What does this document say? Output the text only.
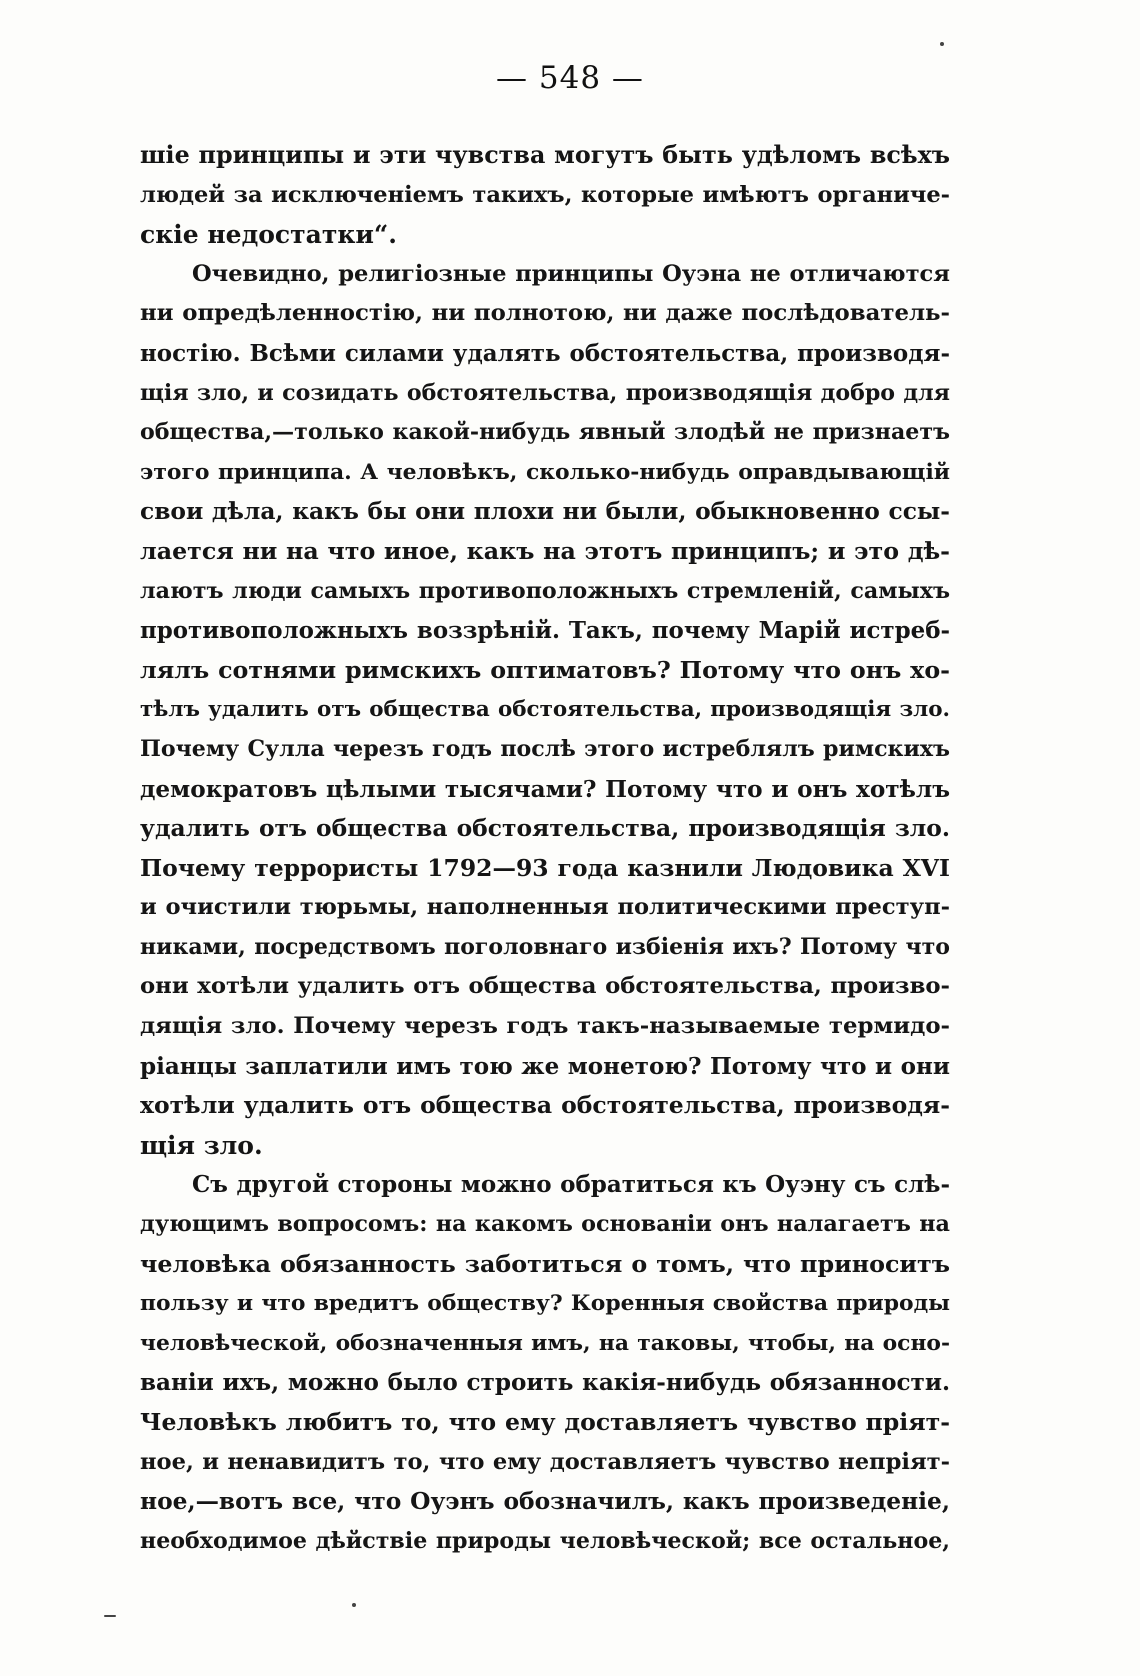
— 548 —
шіе принципы и эти чувства могутъ быть удѣломъ всѣхъ
людей за исключеніемъ такихъ, которые имѣютъ органиче-
скіе недостатки“.
Очевидно, религіозные принципы Оуэна не отличаются
ни опредѣленностію, ни полнотою, ни даже послѣдователь-
ностію. Всѣми силами удалять обстоятельства, производя-
щія зло, и созидать обстоятельства, производящія добро для
общества,—только какой-нибудь явный злодѣй не признаетъ
этого принципа. А человѣкъ, сколько-нибудь оправдывающій
свои дѣла, какъ бы они плохи ни были, обыкновенно ссы-
лается ни на что иное, какъ на этотъ принципъ; и это дѣ-
лаютъ люди самыхъ противоположныхъ стремленій, самыхъ
противоположныхъ воззрѣній. Такъ, почему Марій истреб-
лялъ сотнями римскихъ оптиматовъ? Потому что онъ хо-
тѣлъ удалить отъ общества обстоятельства, производящія зло.
Почему Сулла черезъ годъ послѣ этого истреблялъ римскихъ
демократовъ цѣлыми тысячами? Потому что и онъ хотѣлъ
удалить отъ общества обстоятельства, производящія зло.
Почему террористы 1792—93 года казнили Людовика XVI
и очистили тюрьмы, наполненныя политическими преступ-
никами, посредствомъ поголовнаго избіенія ихъ? Потому что
они хотѣли удалить отъ общества обстоятельства, произво-
дящія зло. Почему черезъ годъ такъ-называемые термидо-
ріанцы заплатили имъ тою же монетою? Потому что и они
хотѣли удалить отъ общества обстоятельства, производя-
щія зло.
Съ другой стороны можно обратиться къ Оуэну съ слѣ-
дующимъ вопросомъ: на какомъ основаніи онъ налагаетъ на
человѣка обязанность заботиться о томъ, что приноситъ
пользу и что вредитъ обществу? Коренныя свойства природы
человѣческой, обозначенныя имъ, на таковы, чтобы, на осно-
ваніи ихъ, можно было строить какія-нибудь обязанности.
Человѣкъ любитъ то, что ему доставляетъ чувство пріят-
ное, и ненавидитъ то, что ему доставляетъ чувство непріят-
ное,—вотъ все, что Оуэнъ обозначилъ, какъ произведеніе,
необходимое дѣйствіе природы человѣческой; все остальное,
